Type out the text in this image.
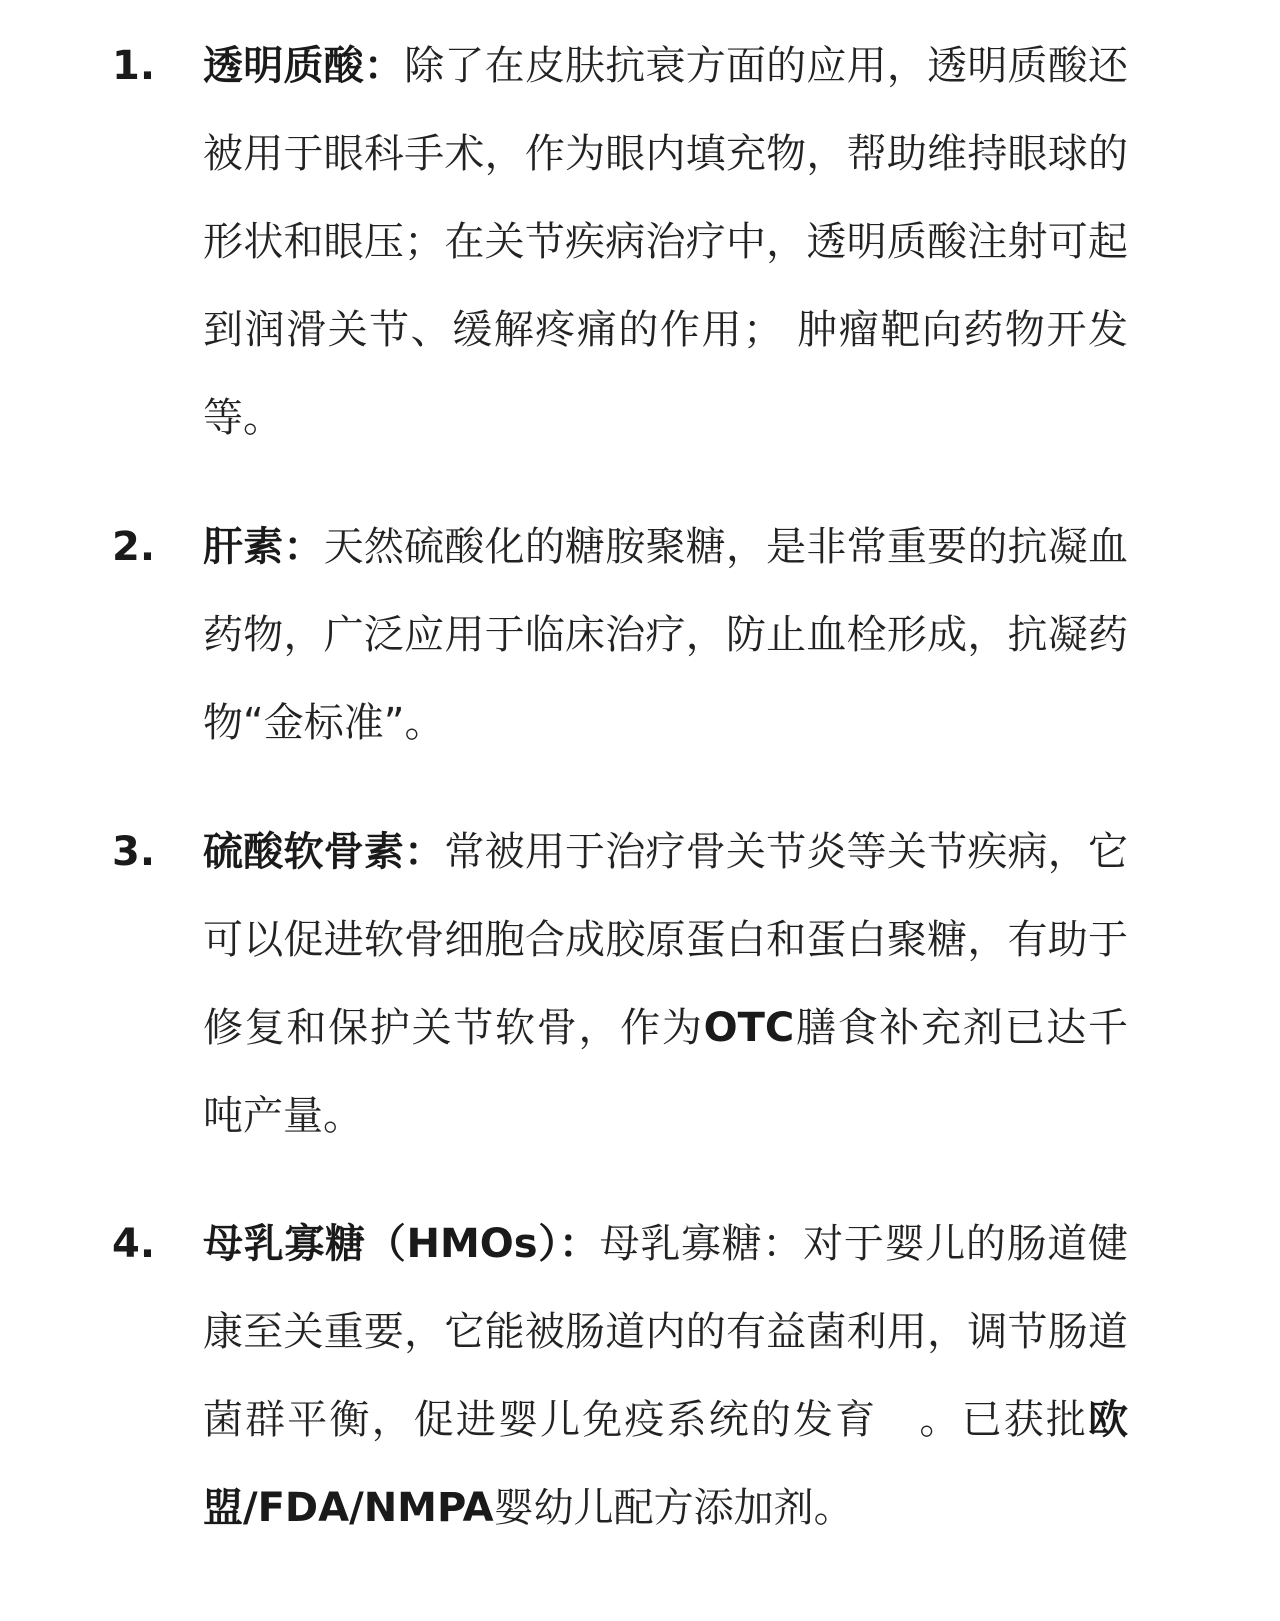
1. 透明质酸：除了在皮肤抗衰方面的应用，透明质酸还被用于眼科手术，作为眼内填充物，帮助维持眼球的形状和眼压；在关节疾病治疗中，透明质酸注射可起到润滑关节、缓解疼痛的作用； 肿瘤靶向药物开发等。
2. 肝素：天然硫酸化的糖胺聚糖，是非常重要的抗凝血药物，广泛应用于临床治疗，防止血栓形成，抗凝药物“金标准”。
3. 硫酸软骨素：常被用于治疗骨关节炎等关节疾病，它可以促进软骨细胞合成胶原蛋白和蛋白聚糖，有助于修复和保护关节软骨，作为OTC膳食补充剂已达千吨产量。
4. 母乳寡糖（HMOs）：母乳寡糖：对于婴儿的肠道健康至关重要，它能被肠道内的有益菌利用，调节肠道菌群平衡，促进婴儿免疫系统的发育　。已获批欧盟/FDA/NMPA婴幼儿配方添加剂。
